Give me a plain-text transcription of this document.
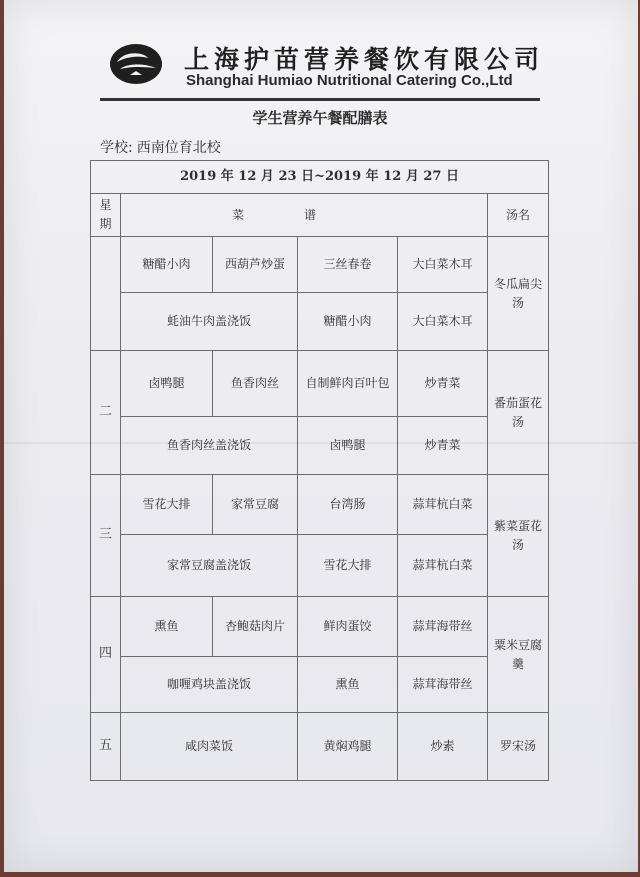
上海护苗营养餐饮有限公司
Shanghai Humiao Nutritional Catering Co.,Ltd
学生营养午餐配膳表
学校: 西南位育北校
2019 年 12 月 23 日~2019 年 12 月 27 日					
星期	菜谱				汤名
	糖醋小肉	西葫芦炒蛋	三丝春卷	大白菜木耳	冬瓜扁尖汤
	蚝油牛肉盖浇饭		糖醋小肉	大白菜木耳	
二	卤鸭腿	鱼香肉丝	自制鲜肉百叶包	炒青菜	番茄蛋花汤
	鱼香肉丝盖浇饭		卤鸭腿	炒青菜	
三	雪花大排	家常豆腐	台湾肠	蒜茸杭白菜	紫菜蛋花汤
	家常豆腐盖浇饭		雪花大排	蒜茸杭白菜	
四	熏鱼	杏鲍菇肉片	鲜肉蛋饺	蒜茸海带丝	粟米豆腐羹
	咖喱鸡块盖浇饭		熏鱼	蒜茸海带丝	
五	咸肉菜饭		黄焖鸡腿	炒素	罗宋汤
